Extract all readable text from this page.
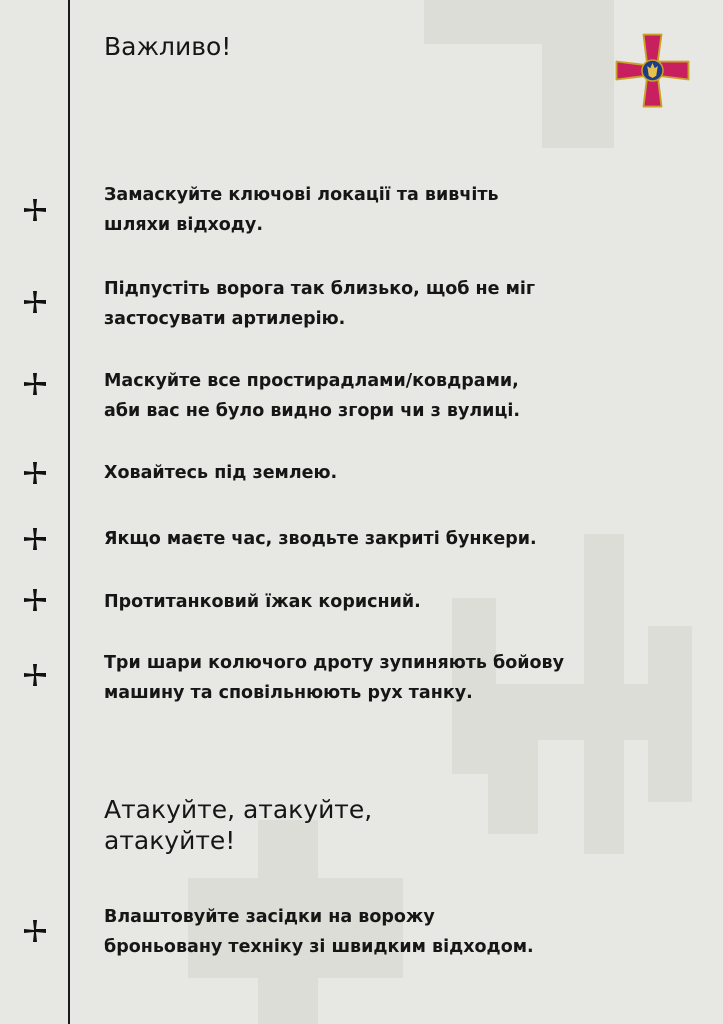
Важливо!

Замаскуйте ключові локації та вивчіть
шляхи відходу.

Підпустіть ворога так близько, щоб не міг
застосувати артилерію.

Маскуйте все простирадлами/ковдрами,
аби вас не було видно згори чи з вулиці.

Ховайтесь під землею.

Якщо маєте час, зводьте закриті бункери.

Протитанковий їжак корисний.

Три шари колючого дроту зупиняють бойову
машину та сповільнюють рух танку.

Атакуйте, атакуйте,
атакуйте!

Влаштовуйте засідки на ворожу
броньовану техніку зі швидким відходом.
